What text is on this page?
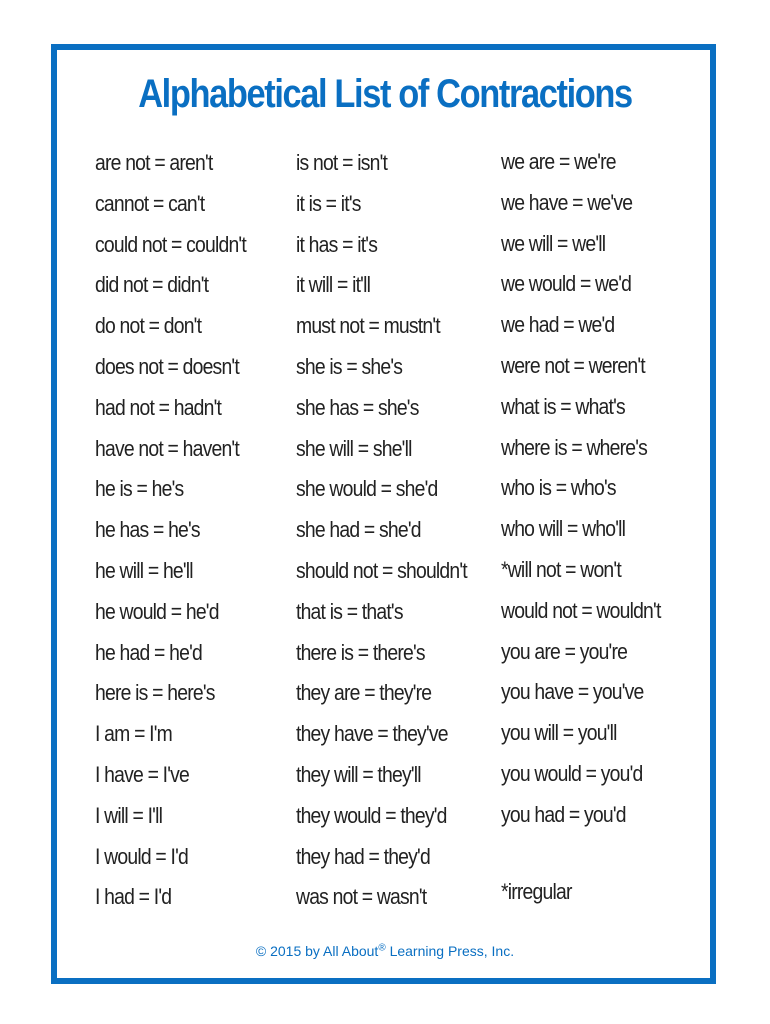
Alphabetical List of Contractions
are not = aren't
cannot = can't
could not = couldn't
did not = didn't
do not = don't
does not = doesn't
had not = hadn't
have not = haven't
he is = he's
he has = he's
he will = he'll
he would = he'd
he had = he'd
here is = here's
I am = I'm
I have = I've
I will = I'll
I would = I'd
I had = I'd
is not = isn't
it is = it's
it has = it's
it will = it'll
must not = mustn't
she is = she's
she has = she's
she will = she'll
she would = she'd
she had = she'd
should not = shouldn't
that is = that's
there is = there's
they are = they're
they have = they've
they will = they'll
they would = they'd
they had = they'd
was not = wasn't
we are = we're
we have = we've
we will = we'll
we would = we'd
we had = we'd
were not = weren't
what is = what's
where is = where's
who is = who's
who will = who'll
*will not = won't
would not = wouldn't
you are = you're
you have = you've
you will = you'll
you would = you'd
you had = you'd
*irregular
© 2015 by All About® Learning Press, Inc.
